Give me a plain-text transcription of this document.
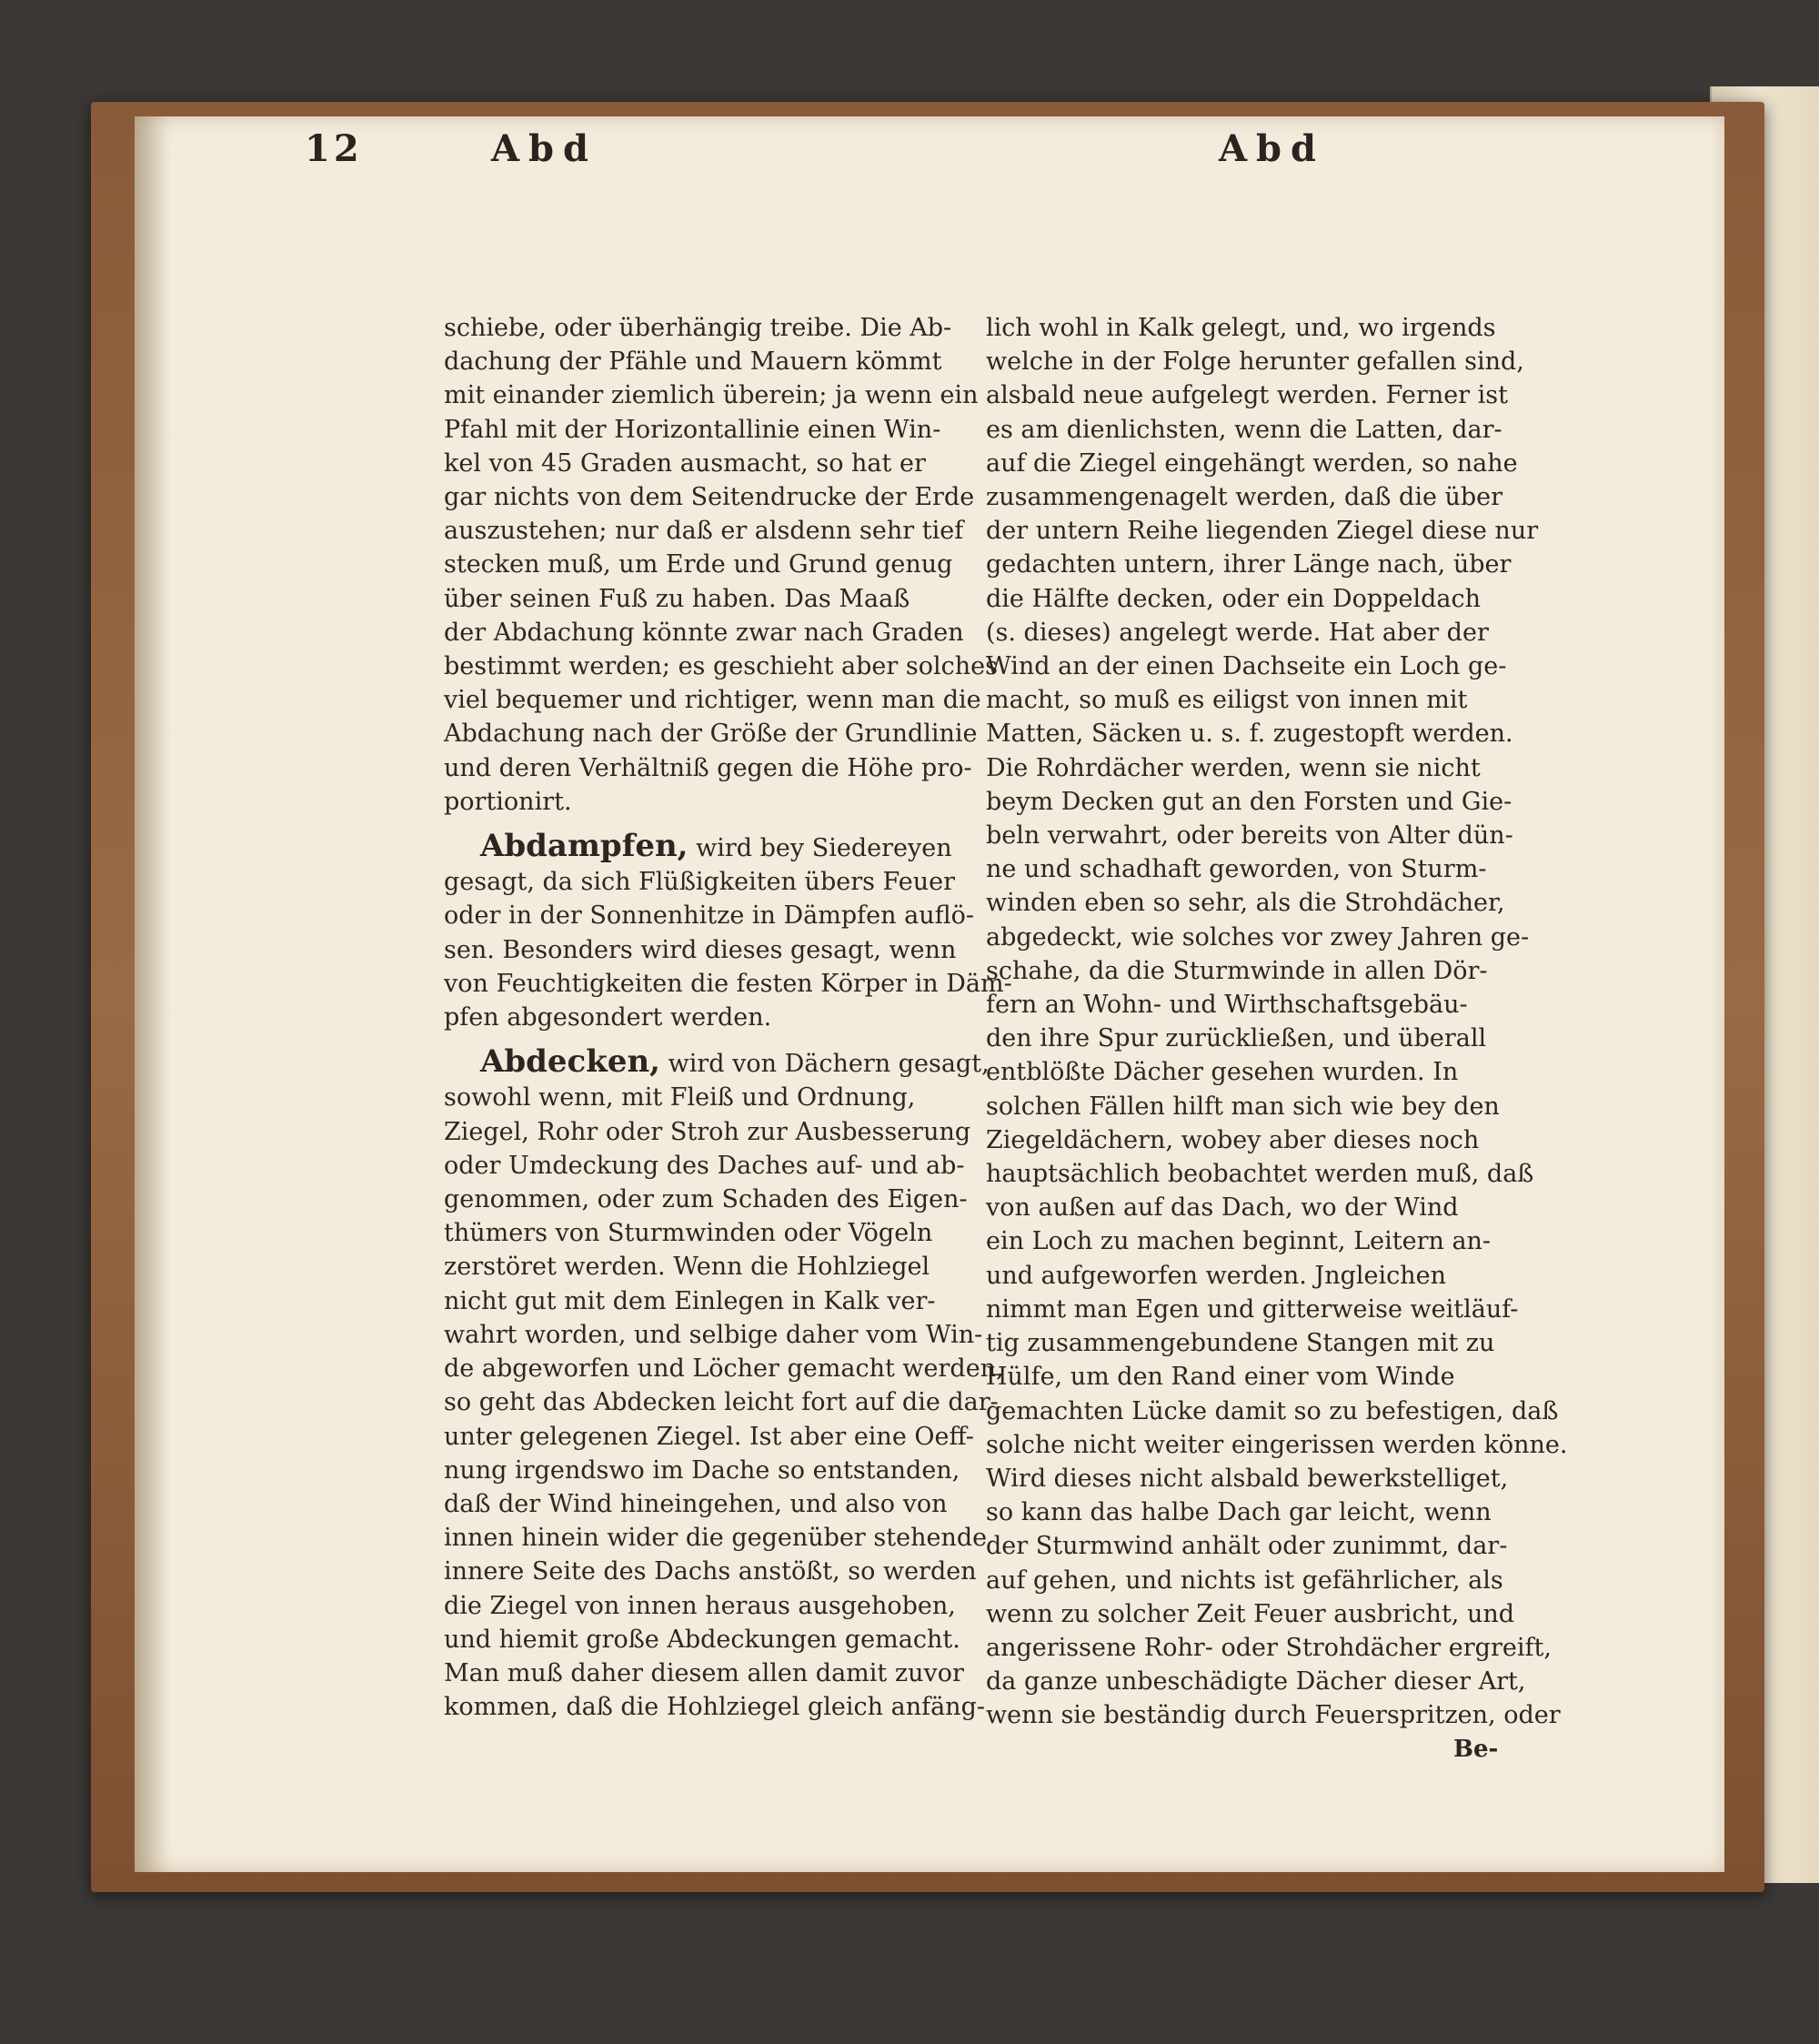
12	Abd	Abd
schiebe, oder überhängig treibe. Die Ab-
dachung der Pfähle und Mauern kömmt
mit einander ziemlich überein; ja wenn ein
Pfahl mit der Horizontallinie einen Win-
kel von 45 Graden ausmacht, so hat er
gar nichts von dem Seitendrucke der Erde
auszustehen; nur daß er alsdenn sehr tief
stecken muß, um Erde und Grund genug
über seinen Fuß zu haben. Das Maaß
der Abdachung könnte zwar nach Graden
bestimmt werden; es geschieht aber solches
viel bequemer und richtiger, wenn man die
Abdachung nach der Größe der Grundlinie
und deren Verhältniß gegen die Höhe pro-
portionirt.
Abdampfen, wird bey Siedereyen
gesagt, da sich Flüßigkeiten übers Feuer
oder in der Sonnenhitze in Dämpfen auflö-
sen. Besonders wird dieses gesagt, wenn
von Feuchtigkeiten die festen Körper in Däm-
pfen abgesondert werden.
Abdecken, wird von Dächern gesagt,
sowohl wenn, mit Fleiß und Ordnung,
Ziegel, Rohr oder Stroh zur Ausbesserung
oder Umdeckung des Daches auf- und ab-
genommen, oder zum Schaden des Eigen-
thümers von Sturmwinden oder Vögeln
zerstöret werden. Wenn die Hohlziegel
nicht gut mit dem Einlegen in Kalk ver-
wahrt worden, und selbige daher vom Win-
de abgeworfen und Löcher gemacht werden,
so geht das Abdecken leicht fort auf die dar-
unter gelegenen Ziegel. Ist aber eine Oeff-
nung irgendswo im Dache so entstanden,
daß der Wind hineingehen, und also von
innen hinein wider die gegenüber stehende
innere Seite des Dachs anstößt, so werden
die Ziegel von innen heraus ausgehoben,
und hiemit große Abdeckungen gemacht.
Man muß daher diesem allen damit zuvor
kommen, daß die Hohlziegel gleich anfäng-
lich wohl in Kalk gelegt, und, wo irgends
welche in der Folge herunter gefallen sind,
alsbald neue aufgelegt werden. Ferner ist
es am dienlichsten, wenn die Latten, dar-
auf die Ziegel eingehängt werden, so nahe
zusammengenagelt werden, daß die über
der untern Reihe liegenden Ziegel diese nur
gedachten untern, ihrer Länge nach, über
die Hälfte decken, oder ein Doppeldach
(s. dieses) angelegt werde. Hat aber der
Wind an der einen Dachseite ein Loch ge-
macht, so muß es eiligst von innen mit
Matten, Säcken u. s. f. zugestopft werden.
Die Rohrdächer werden, wenn sie nicht
beym Decken gut an den Forsten und Gie-
beln verwahrt, oder bereits von Alter dün-
ne und schadhaft geworden, von Sturm-
winden eben so sehr, als die Strohdächer,
abgedeckt, wie solches vor zwey Jahren ge-
schahe, da die Sturmwinde in allen Dör-
fern an Wohn- und Wirthschaftsgebäu-
den ihre Spur zurückließen, und überall
entblößte Dächer gesehen wurden. In
solchen Fällen hilft man sich wie bey den
Ziegeldächern, wobey aber dieses noch
hauptsächlich beobachtet werden muß, daß
von außen auf das Dach, wo der Wind
ein Loch zu machen beginnt, Leitern an-
und aufgeworfen werden. Jngleichen
nimmt man Egen und gitterweise weitläuf-
tig zusammengebundene Stangen mit zu
Hülfe, um den Rand einer vom Winde
gemachten Lücke damit so zu befestigen, daß
solche nicht weiter eingerissen werden könne.
Wird dieses nicht alsbald bewerkstelliget,
so kann das halbe Dach gar leicht, wenn
der Sturmwind anhält oder zunimmt, dar-
auf gehen, und nichts ist gefährlicher, als
wenn zu solcher Zeit Feuer ausbricht, und
angerissene Rohr- oder Strohdächer ergreift,
da ganze unbeschädigte Dächer dieser Art,
wenn sie beständig durch Feuerspritzen, oder
Be-
